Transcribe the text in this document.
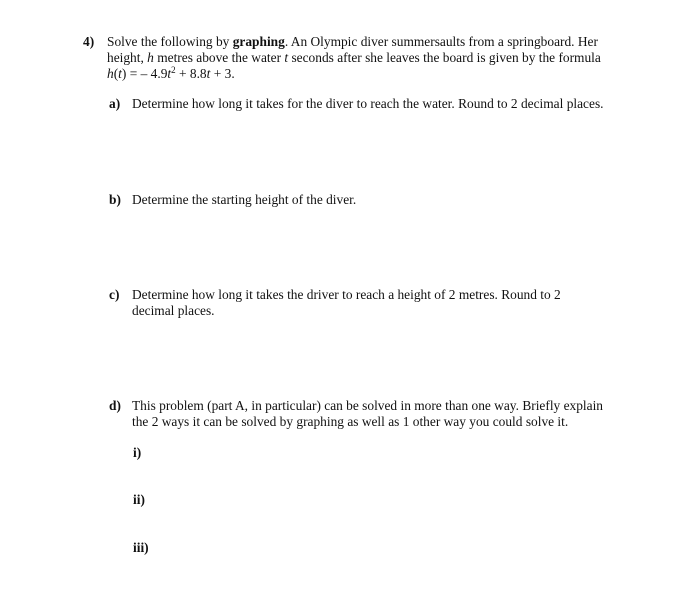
4) Solve the following by graphing. An Olympic diver summersaults from a springboard. Her
height, h metres above the water t seconds after she leaves the board is given by the formula
h(t) = – $4.9t^2 + 8.8t + 3$.
a) Determine how long it takes for the diver to reach the water. Round to 2 decimal places.
b) Determine the starting height of the diver.
c) Determine how long it takes the driver to reach a height of 2 metres. Round to 2
decimal places.
d) This problem (part A, in particular) can be solved in more than one way. Briefly explain
the 2 ways it can be solved by graphing as well as 1 other way you could solve it.
i)
ii)
iii)
